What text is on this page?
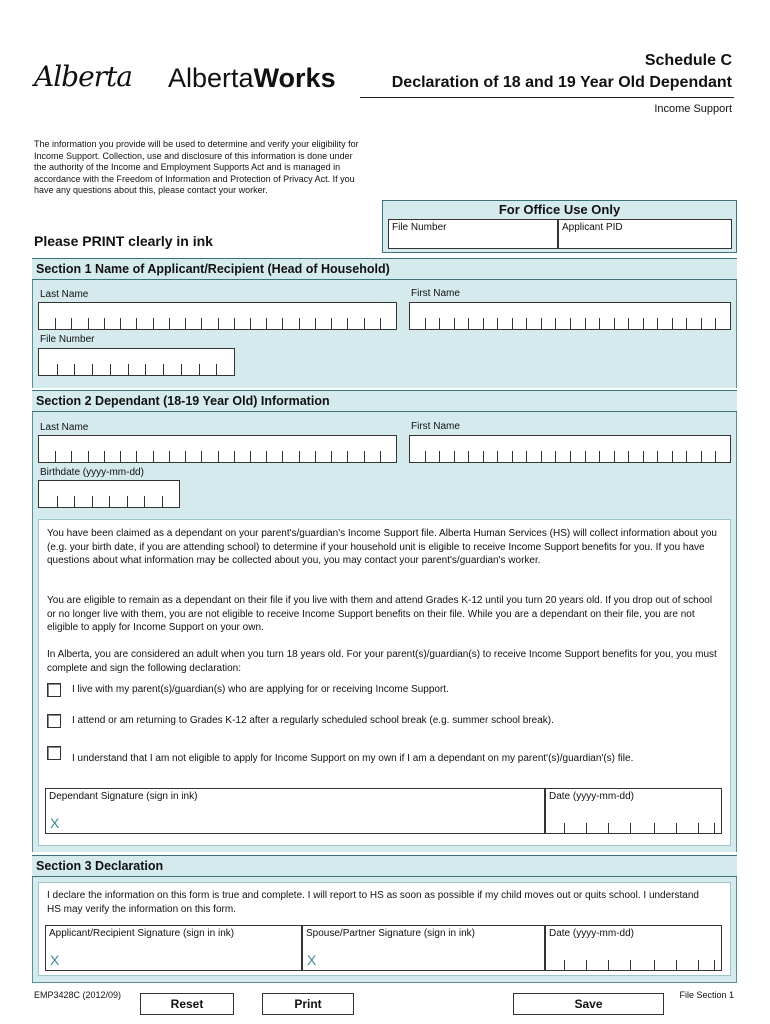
Alberta	AlbertaWorks
Schedule C
Declaration of 18 and 19 Year Old Dependant
Income Support
The information you provide will be used to determine and verify your eligibility for Income Support. Collection, use and disclosure of this information is done under the authority of the Income and Employment Supports Act and is managed in accordance with the Freedom of Information and Protection of Privacy Act. If you have any questions about this, please contact your worker.
For Office Use Only
File Number	Applicant PID
Please PRINT clearly in ink
Section 1 Name of Applicant/Recipient (Head of Household)
Last Name	First Name
File Number
Section 2 Dependant (18-19 Year Old) Information
Last Name	First Name
Birthdate (yyyy-mm-dd)
You have been claimed as a dependant on your parent's/guardian's Income Support file. Alberta Human Services (HS) will collect information about you (e.g. your birth date, if you are attending school) to determine if your household unit is eligible to receive Income Support benefits for you. If you have questions about what information may be collected about you, you may contact your parent's/guardian's worker.
You are eligible to remain as a dependant on their file if you live with them and attend Grades K-12 until you turn 20 years old. If you drop out of school or no longer live with them, you are not eligible to receive Income Support benefits on their file. While you are a dependant on their file, you are not eligible to apply for Income Support on your own.
In Alberta, you are considered an adult when you turn 18 years old. For your parent(s)/guardian(s) to receive Income Support benefits for you, you must complete and sign the following declaration:
I live with my parent(s)/guardian(s) who are applying for or receiving Income Support.
I attend or am returning to Grades K-12 after a regularly scheduled school break (e.g. summer school break).
I understand that I am not eligible to apply for Income Support on my own if I am a dependant on my parent'(s)/guardian'(s) file.
Dependant Signature (sign in ink)
X
Date (yyyy-mm-dd)
Section 3 Declaration
I declare the information on this form is true and complete. I will report to HS as soon as possible if my child moves out or quits school. I understand HS may verify the information on this form.
Applicant/Recipient Signature (sign in ink)
X
Spouse/Partner Signature (sign in ink)
X
Date (yyyy-mm-dd)
EMP3428C (2012/09)
Reset	Print	Save
File Section 1
